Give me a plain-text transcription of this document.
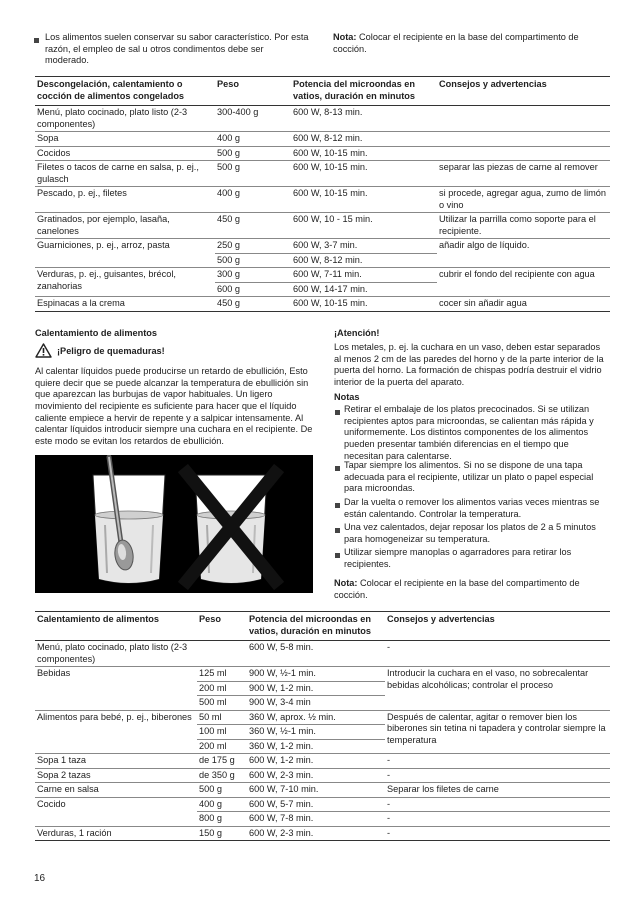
Los alimentos suelen conservar su sabor característico. Por esta razón, el empleo de sal u otros condimentos debe ser moderado.
Nota: Colocar el recipiente en la base del compartimento de cocción.
Descongelación, calentamiento o cocción de alimentos congelados	Peso	Potencia del microondas en vatios, duración en minutos	Consejos y advertencias
Menú, plato cocinado, plato listo (2-3 componentes)	300-400 g	600 W, 8-13 min.	
Sopa	400 g	600 W, 8-12 min.	
Cocidos	500 g	600 W, 10-15 min.	
Filetes o tacos de carne en salsa, p. ej., gulasch	500 g	600 W, 10-15 min.	separar las piezas de carne al remover
Pescado, p. ej., filetes	400 g	600 W, 10-15 min.	si procede, agregar agua, zumo de limón o vino
Gratinados, por ejemplo, lasaña, canelones	450 g	600 W, 10 - 15 min.	Utilizar la parrilla como soporte para el recipiente.
Guarniciones, p. ej., arroz, pasta	250 g	600 W, 3-7 min.	añadir algo de líquido.
	500 g	600 W, 8-12 min.	
Verduras, p. ej., guisantes, brécol, zanahorias	300 g	600 W, 7-11 min.	cubrir el fondo del recipiente con agua
	600 g	600 W, 14-17 min.	
Espinacas a la crema	450 g	600 W, 10-15 min.	cocer sin añadir agua
Calentamiento de alimentos
¡Peligro de quemaduras!
Al calentar líquidos puede producirse un retardo de ebullición, Esto quiere decir que se puede alcanzar la temperatura de ebullición sin que aparezcan las burbujas de vapor habituales. Un ligero movimiento del recipiente es suficiente para hacer que el líquido caliente empiece a hervir de repente y a salpicar intensamente. Al calentar líquidos introducir siempre una cuchara en el recipiente. De este modo se evitan los retardos de ebullición.
¡Atención!
Los metales, p. ej. la cuchara en un vaso, deben estar separados al menos 2 cm de las paredes del horno y de la parte interior de la puerta del horno. La formación de chispas podría destruir el vidrio interior de la puerta del aparato.
Notas
Retirar el embalaje de los platos precocinados. Si se utilizan recipientes aptos para microondas, se calientan más rápida y uniformemente. Los distintos componentes de los alimentos pueden presentar también diferencias en el tiempo que necesitan para calentarse.
Tapar siempre los alimentos. Si no se dispone de una tapa adecuada para el recipiente, utilizar un plato o papel especial para microondas.
Dar la vuelta o remover los alimentos varias veces mientras se están calentando. Controlar la temperatura.
Una vez calentados, dejar reposar los platos de 2 a 5 minutos para homogeneizar su temperatura.
Utilizar siempre manoplas o agarradores para retirar los recipientes.
Nota: Colocar el recipiente en la base del compartimento de cocción.
Calentamiento de alimentos	Peso	Potencia del microondas en vatios, duración en minutos	Consejos y advertencias
Menú, plato cocinado, plato listo (2-3 componentes)		600 W, 5-8 min.	-
Bebidas	125 ml	900 W, ½-1 min.	Introducir la cuchara en el vaso, no sobrecalentar bebidas alcohólicas; controlar el proceso
	200 ml	900 W, 1-2 min.	
	500 ml	900 W, 3-4 min	
Alimentos para bebé, p. ej., biberones	50 ml	360 W, aprox. ½ min.	Después de calentar, agitar o remover bien los biberones sin tetina ni tapadera y controlar siempre la temperatura
	100 ml	360 W, ½-1 min.	
	200 ml	360 W, 1-2 min.	
Sopa 1 taza	de 175 g	600 W, 1-2 min.	-
Sopa 2 tazas	de 350 g	600 W, 2-3 min.	-
Carne en salsa	500 g	600 W, 7-10 min.	Separar los filetes de carne
Cocido	400 g	600 W, 5-7 min.	-
	800 g	600 W, 7-8 min.	-
Verduras, 1 ración	150 g	600 W, 2-3 min.	-
16
